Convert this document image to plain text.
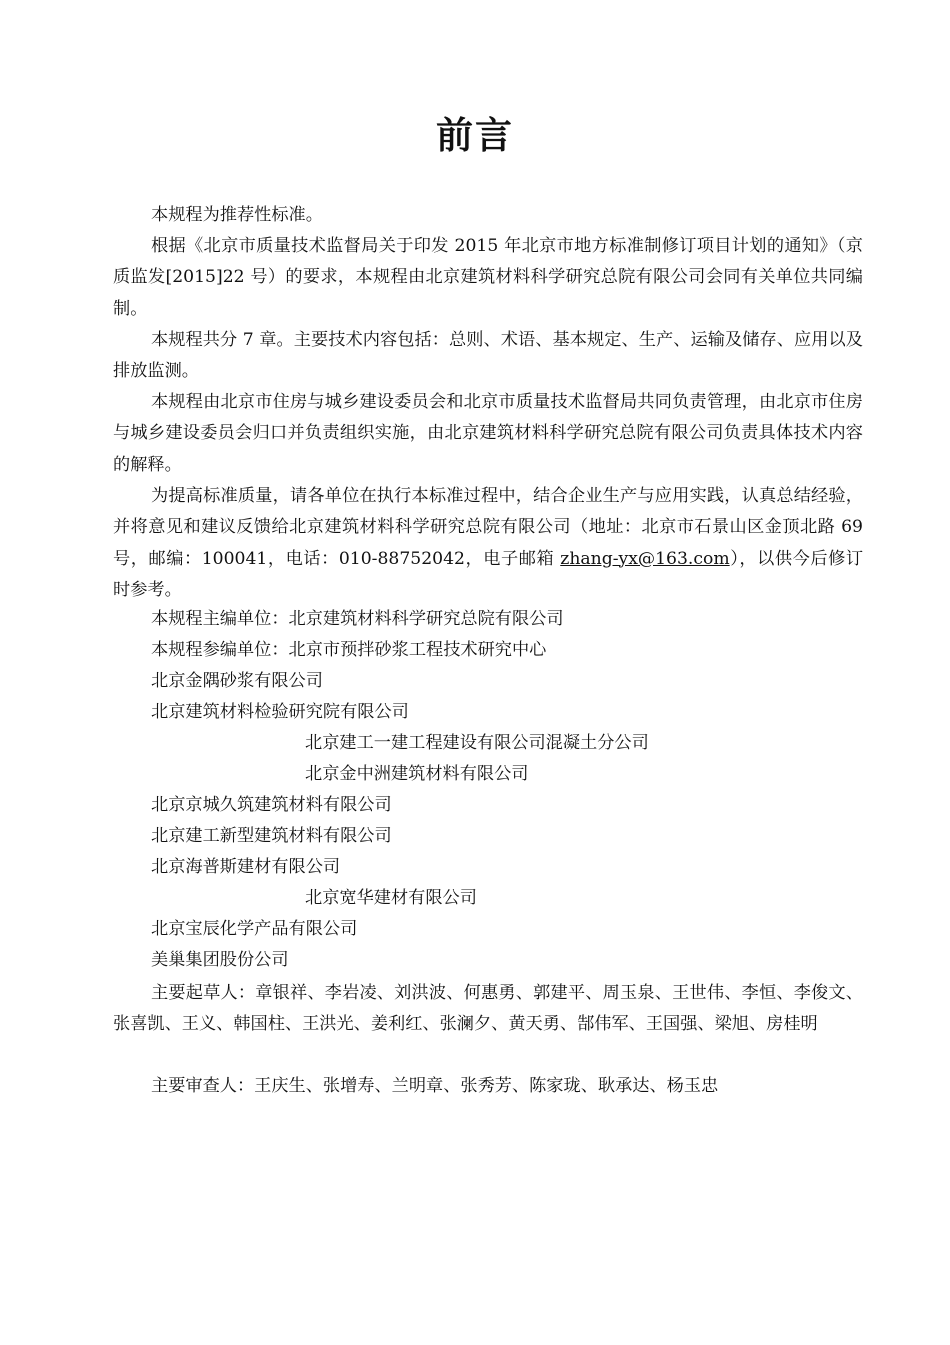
前言

本规程为推荐性标准。

根据《北京市质量技术监督局关于印发 2015 年北京市地方标准制修订项目计划的通知》（京质监发[2015]22 号）的要求，本规程由北京建筑材料科学研究总院有限公司会同有关单位共同编制。

本规程共分 7 章。主要技术内容包括：总则、术语、基本规定、生产、运输及储存、应用以及排放监测。

本规程由北京市住房与城乡建设委员会和北京市质量技术监督局共同负责管理，由北京市住房与城乡建设委员会归口并负责组织实施，由北京建筑材料科学研究总院有限公司负责具体技术内容的解释。

为提高标准质量，请各单位在执行本标准过程中，结合企业生产与应用实践，认真总结经验，并将意见和建议反馈给北京建筑材料科学研究总院有限公司（地址：北京市石景山区金顶北路 69 号，邮编：100041，电话：010-88752042，电子邮箱 zhang-yx@163.com），以供今后修订时参考。

本规程主编单位：北京建筑材料科学研究总院有限公司

本规程参编单位：北京市预拌砂浆工程技术研究中心

北京金隅砂浆有限公司

北京建筑材料检验研究院有限公司

北京建工一建工程建设有限公司混凝土分公司

北京金中洲建筑材料有限公司

北京京城久筑建筑材料有限公司

北京建工新型建筑材料有限公司

北京海普斯建材有限公司

北京宽华建材有限公司

北京宝辰化学产品有限公司

美巢集团股份公司

主要起草人：章银祥、李岩凌、刘洪波、何惠勇、郭建平、周玉泉、王世伟、李恒、李俊文、张喜凯、王义、韩国柱、王洪光、姜利红、张澜夕、黄天勇、郜伟军、王国强、梁旭、房桂明

主要审查人：王庆生、张增寿、兰明章、张秀芳、陈家珑、耿承达、杨玉忠
